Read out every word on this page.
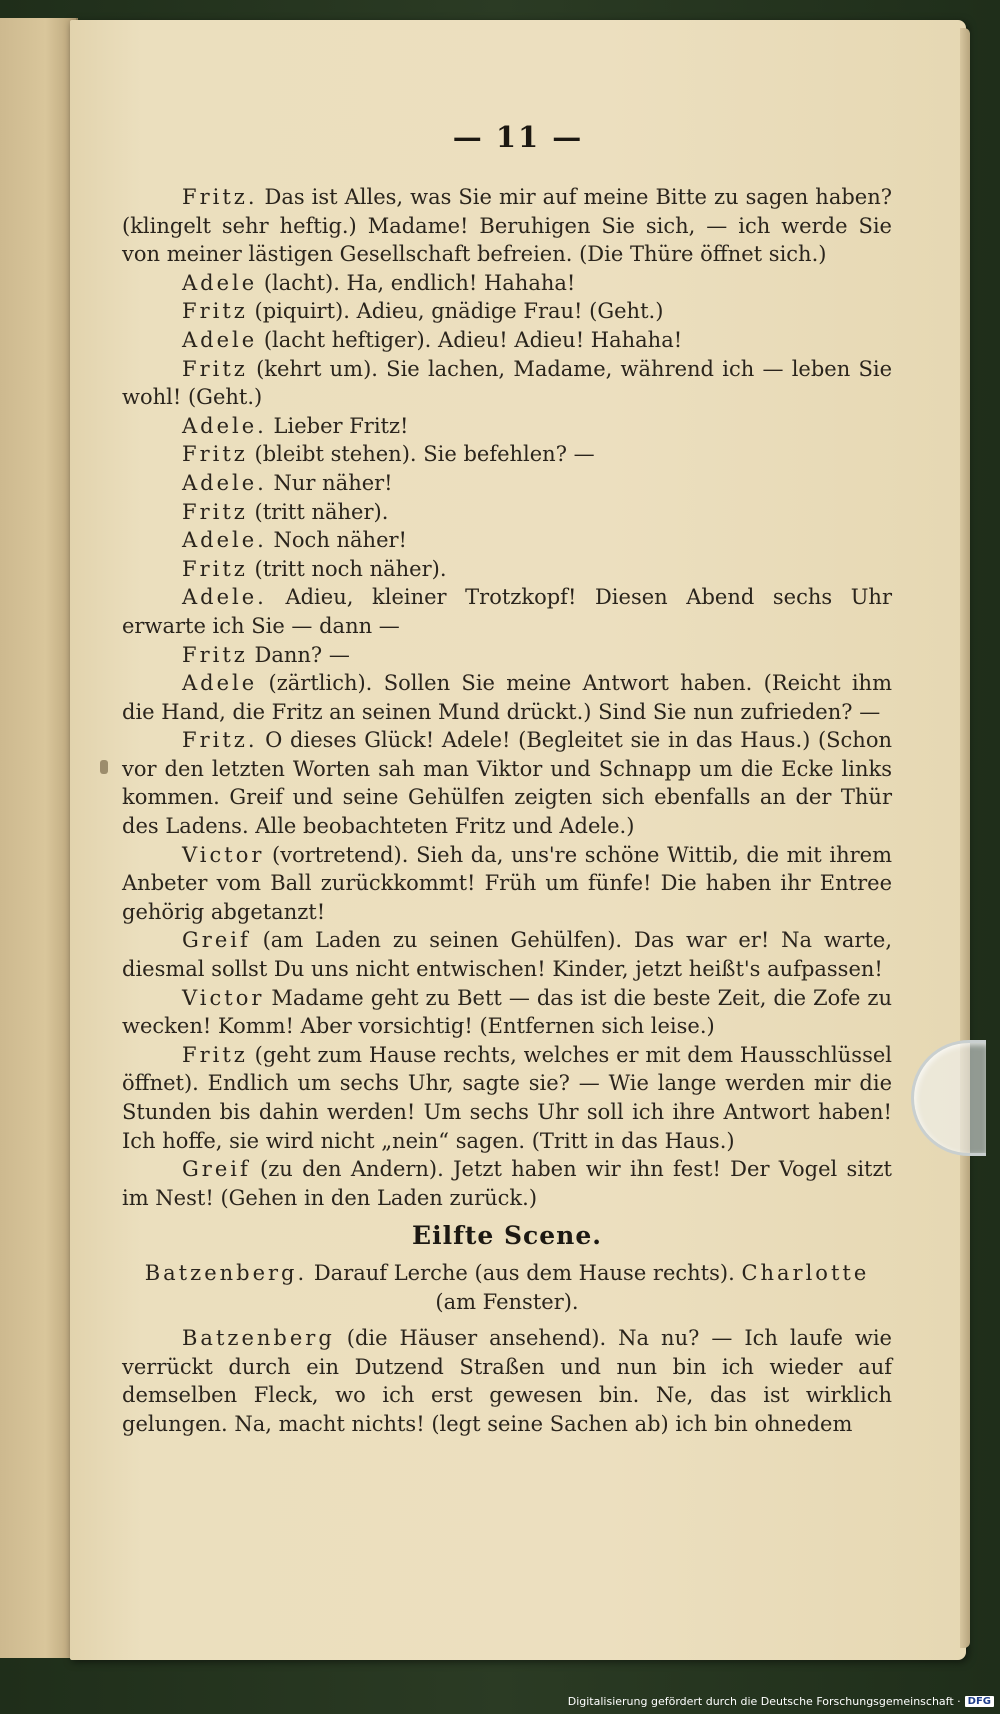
— 11 —

Fritz. Das ist Alles, was Sie mir auf meine Bitte zu sagen haben? (klingelt sehr heftig.) Madame! Beruhigen Sie sich, — ich werde Sie von meiner lästigen Gesellschaft befreien. (Die Thüre öffnet sich.)

Adele (lacht). Ha, endlich! Hahaha!

Fritz (piquirt). Adieu, gnädige Frau! (Geht.)

Adele (lacht heftiger). Adieu! Adieu! Hahaha!

Fritz (kehrt um). Sie lachen, Madame, während ich — leben Sie wohl! (Geht.)

Adele. Lieber Fritz!

Fritz (bleibt stehen). Sie befehlen? —

Adele. Nur näher!

Fritz (tritt näher).

Adele. Noch näher!

Fritz (tritt noch näher).

Adele. Adieu, kleiner Trotzkopf! Diesen Abend sechs Uhr erwarte ich Sie — dann —

Fritz Dann? —

Adele (zärtlich). Sollen Sie meine Antwort haben. (Reicht ihm die Hand, die Fritz an seinen Mund drückt.) Sind Sie nun zufrieden? —

Fritz. O dieses Glück! Adele! (Begleitet sie in das Haus.) (Schon vor den letzten Worten sah man Viktor und Schnapp um die Ecke links kommen. Greif und seine Gehülfen zeigten sich ebenfalls an der Thür des Ladens. Alle beobachteten Fritz und Adele.)

Victor (vortretend). Sieh da, uns're schöne Wittib, die mit ihrem Anbeter vom Ball zurückkommt! Früh um fünfe! Die haben ihr Entree gehörig abgetanzt!

Greif (am Laden zu seinen Gehülfen). Das war er! Na warte, diesmal sollst Du uns nicht entwischen! Kinder, jetzt heißt's aufpassen!

Victor Madame geht zu Bett — das ist die beste Zeit, die Zofe zu wecken! Komm! Aber vorsichtig! (Entfernen sich leise.)

Fritz (geht zum Hause rechts, welches er mit dem Hausschlüssel öffnet). Endlich um sechs Uhr, sagte sie? — Wie lange werden mir die Stunden bis dahin werden! Um sechs Uhr soll ich ihre Antwort haben! Ich hoffe, sie wird nicht „nein“ sagen. (Tritt in das Haus.)

Greif (zu den Andern). Jetzt haben wir ihn fest! Der Vogel sitzt im Nest! (Gehen in den Laden zurück.)

Eilfte Scene.

Batzenberg. Darauf Lerche (aus dem Hause rechts). Charlotte (am Fenster).

Batzenberg (die Häuser ansehend). Na nu? — Ich laufe wie verrückt durch ein Dutzend Straßen und nun bin ich wieder auf demselben Fleck, wo ich erst gewesen bin. Ne, das ist wirklich gelungen. Na, macht nichts! (legt seine Sachen ab) ich bin ohnedem

Digitalisierung gefördert durch die Deutsche Forschungsgemeinschaft · DFG
